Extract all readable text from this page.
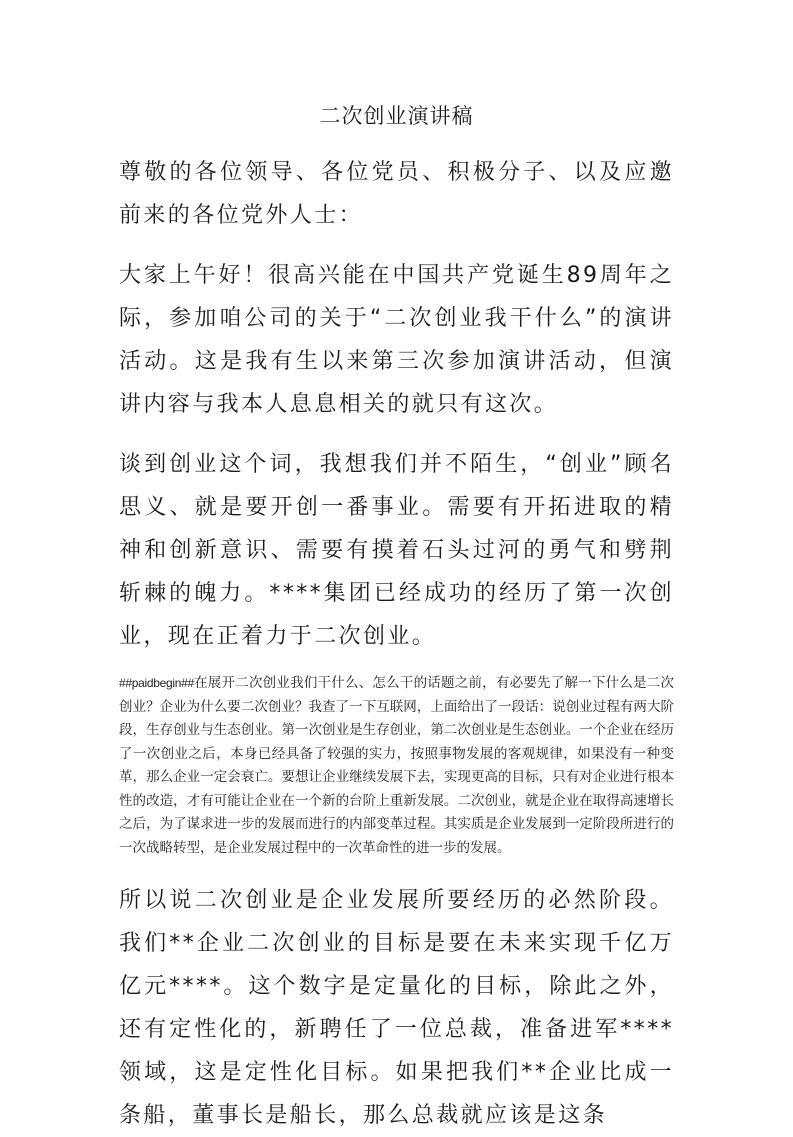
二次创业演讲稿

尊敬的各位领导、各位党员、积极分子、以及应邀前来的各位党外人士：

大家上午好！很高兴能在中国共产党诞生89周年之际，参加咱公司的关于“二次创业我干什么”的演讲活动。这是我有生以来第三次参加演讲活动，但演讲内容与我本人息息相关的就只有这次。

谈到创业这个词，我想我们并不陌生，“创业”顾名思义、就是要开创一番事业。需要有开拓进取的精神和创新意识、需要有摸着石头过河的勇气和劈荆斩棘的魄力。****集团已经成功的经历了第一次创业，现在正着力于二次创业。

##paidbegin##在展开二次创业我们干什么、怎么干的话题之前，有必要先了解一下什么是二次创业？企业为什么要二次创业？我查了一下互联网，上面给出了一段话：说创业过程有两大阶段，生存创业与生态创业。第一次创业是生存创业，第二次创业是生态创业。一个企业在经历了一次创业之后，本身已经具备了较强的实力，按照事物发展的客观规律，如果没有一种变革，那么企业一定会衰亡。要想让企业继续发展下去，实现更高的目标，只有对企业进行根本性的改造，才有可能让企业在一个新的台阶上重新发展。二次创业，就是企业在取得高速增长之后，为了谋求进一步的发展而进行的内部变革过程。其实质是企业发展到一定阶段所进行的一次战略转型，是企业发展过程中的一次革命性的进一步的发展。

所以说二次创业是企业发展所要经历的必然阶段。我们**企业二次创业的目标是要在未来实现千亿万亿元****。这个数字是定量化的目标，除此之外，还有定性化的，新聘任了一位总裁，准备进军****领域，这是定性化目标。如果把我们**企业比成一条船，董事长是船长，那么总裁就应该是这条
